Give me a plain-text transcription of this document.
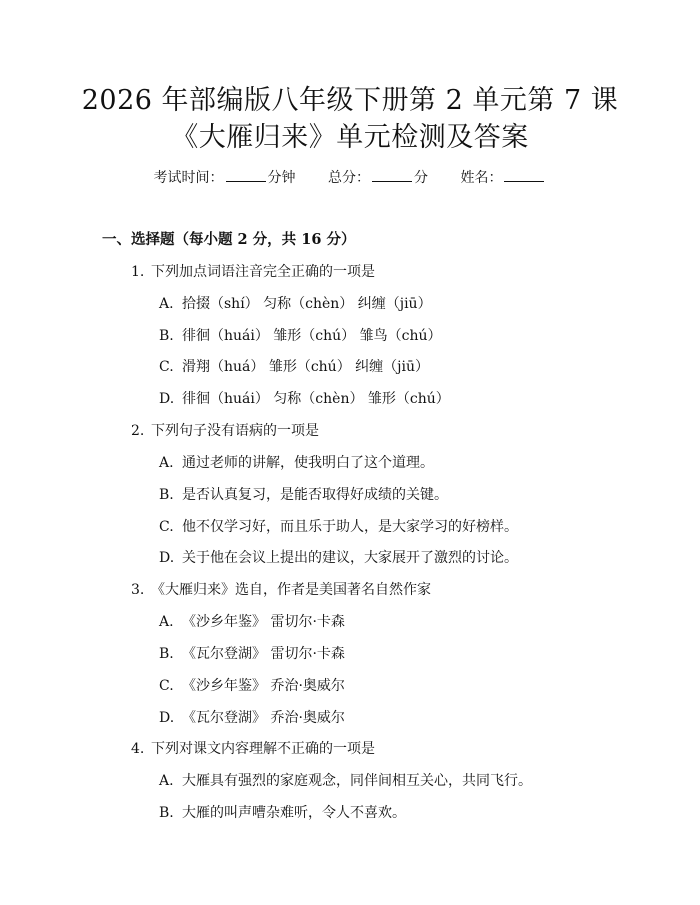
2026 年部编版八年级下册第 2 单元第 7 课
《大雁归来》单元检测及答案
考试时间：	分钟 总分：	分 姓名：
一、选择题（每小题 2 分，共 16 分）
1. 下列加点词语注音完全正确的一项是
A. 拾掇（shí） 匀称（chèn） 纠缠（jiū）
B. 徘徊（huái） 雏形（chú） 雏鸟（chú）
C. 滑翔（huá） 雏形（chú） 纠缠（jiū）
D. 徘徊（huái） 匀称（chèn） 雏形（chú）
2. 下列句子没有语病的一项是
A. 通过老师的讲解，使我明白了这个道理。
B. 是否认真复习，是能否取得好成绩的关键。
C. 他不仅学习好，而且乐于助人，是大家学习的好榜样。
D. 关于他在会议上提出的建议，大家展开了激烈的讨论。
3. 《大雁归来》选自，作者是美国著名自然作家
A. 《沙乡年鉴》 雷切尔·卡森
B. 《瓦尔登湖》 雷切尔·卡森
C. 《沙乡年鉴》 乔治·奥威尔
D. 《瓦尔登湖》 乔治·奥威尔
4. 下列对课文内容理解不正确的一项是
A. 大雁具有强烈的家庭观念，同伴间相互关心，共同飞行。
B. 大雁的叫声嘈杂难听，令人不喜欢。
